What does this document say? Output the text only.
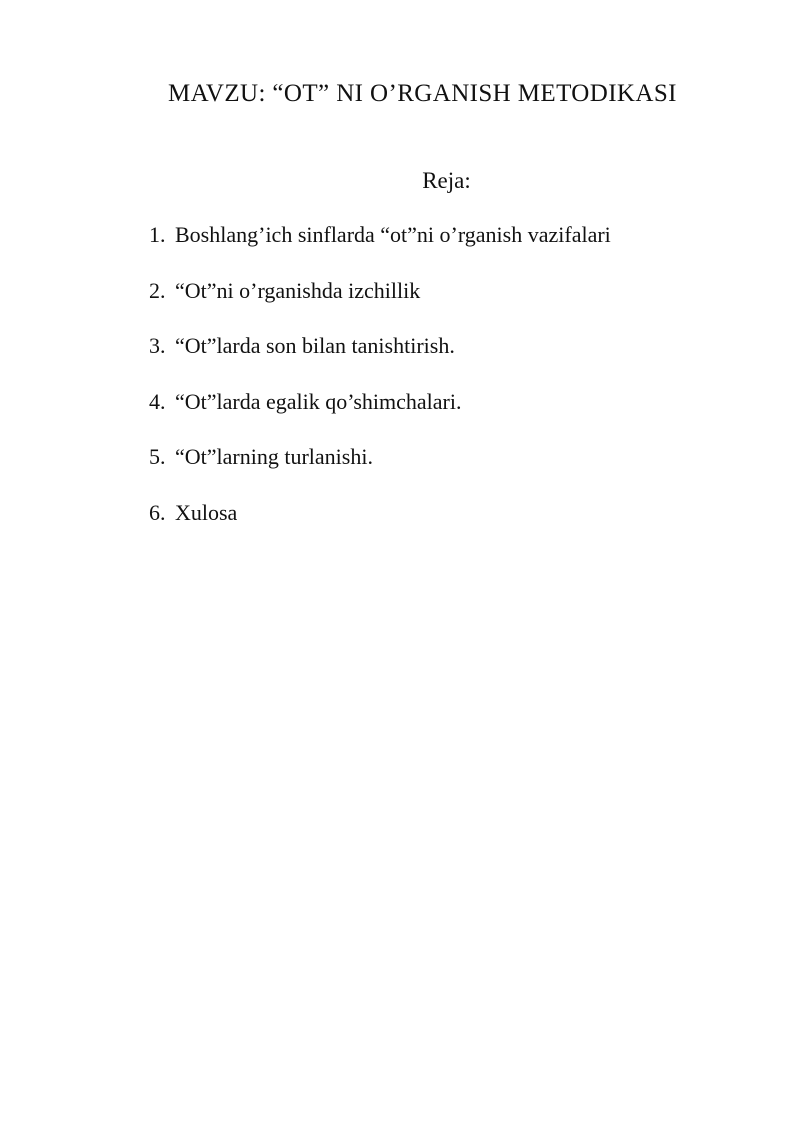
MAVZU: “OT” NI O’RGANISH METODIKASI
Reja:
1. Boshlang’ich sinflarda “ot”ni o’rganish vazifalari
2. “Ot”ni o’rganishda izchillik
3. “Ot”larda son bilan tanishtirish.
4. “Ot”larda egalik qo’shimchalari.
5. “Ot”larning turlanishi.
6. Xulosa
